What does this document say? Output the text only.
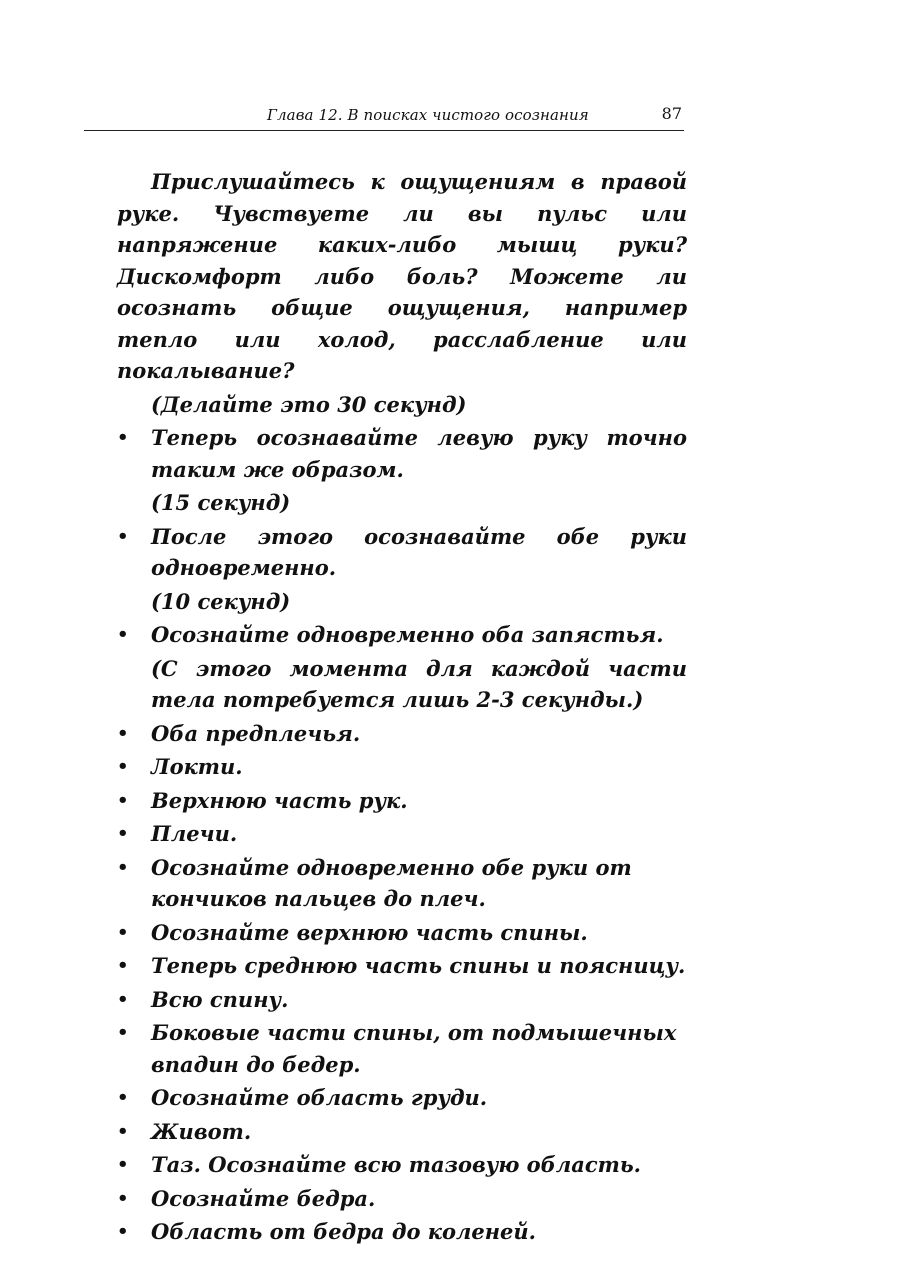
Глава 12. В поисках чистого осознания	87

Прислушайтесь к ощущениям в правой руке. Чувствуете ли вы пульс или напряжение каких-либо мышц руки? Дискомфорт либо боль? Можете ли осознать общие ощущения, например тепло или холод, расслабление или покалывание?

(Делайте это 30 секунд)

• Теперь осознавайте левую руку точно таким же образом.

(15 секунд)

• После этого осознавайте обе руки одновременно.

(10 секунд)

• Осознайте одновременно оба запястья.

(С этого момента для каждой части тела потребуется лишь 2-3 секунды.)

• Оба предплечья.
• Локти.
• Верхнюю часть рук.
• Плечи.
• Осознайте одновременно обе руки от кончиков пальцев до плеч.
• Осознайте верхнюю часть спины.
• Теперь среднюю часть спины и поясницу.
• Всю спину.
• Боковые части спины, от подмышечных впадин до бедер.
• Осознайте область груди.
• Живот.
• Таз. Осознайте всю тазовую область.
• Осознайте бедра.
• Область от бедра до коленей.
